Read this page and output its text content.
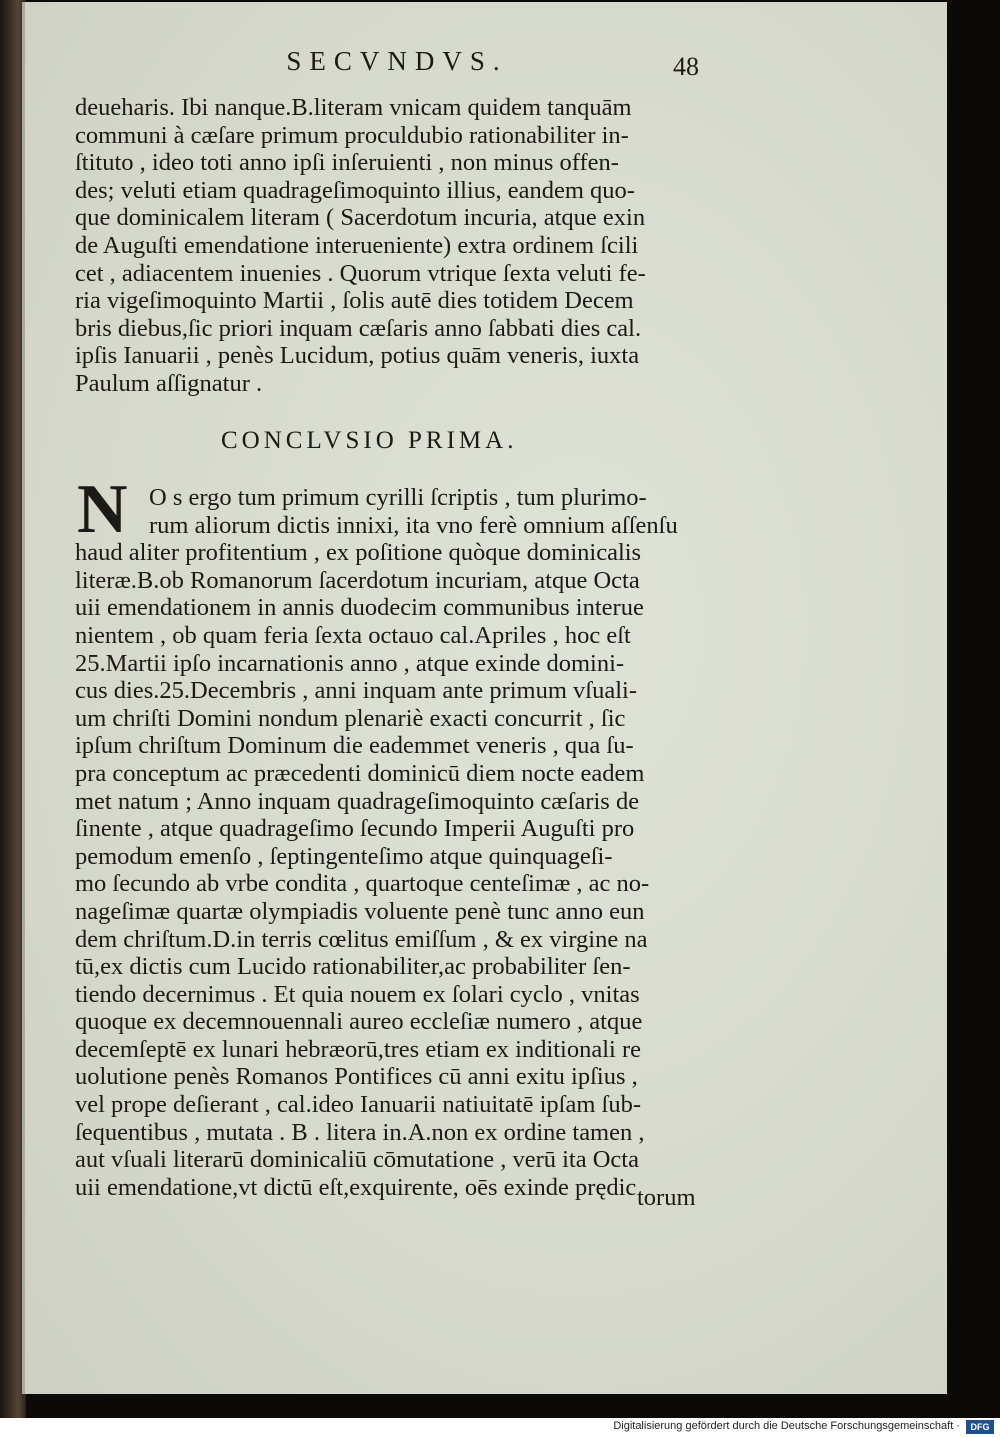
SECVNDVS.	48
deueharis. Ibi nanque.B.literam vnicam quidem tanquām
communi à cæſare primum proculdubio rationabiliter in-
ſtituto , ideo toti anno ipſi inſeruienti , non minus offen-
des; veluti etiam quadrageſimoquinto illius, eandem quo-
que dominicalem literam ( Sacerdotum incuria, atque exin
de Auguſti emendatione interueniente) extra ordinem ſcili
cet , adiacentem inuenies . Quorum vtrique ſexta veluti fe-
ria vigeſimoquinto Martii , ſolis autē dies totidem Decem
bris diebus,ſic priori inquam cæſaris anno ſabbati dies cal.
ipſis Ianuarii , penès Lucidum, potius quām veneris, iuxta
Paulum aſſignatur .
CONCLVSIO PRIMA.
N O s ergo tum primum cyrilli ſcriptis , tum plurimo-
rum aliorum dictis innixi, ita vno ferè omnium aſſenſu
haud aliter profitentium , ex poſitione quòque dominicalis
literæ.B.ob Romanorum ſacerdotum incuriam, atque Octa
uii emendationem in annis duodecim communibus interue
nientem , ob quam feria ſexta octauo cal.Apriles , hoc eſt
25.Martii ipſo incarnationis anno , atque exinde domini-
cus dies.25.Decembris , anni inquam ante primum vſuali-
um chriſti Domini nondum plenariè exacti concurrit , ſic
ipſum chriſtum Dominum die eademmet veneris , qua ſu-
pra conceptum ac præcedenti dominicū diem nocte eadem
met natum ; Anno inquam quadrageſimoquinto cæſaris de
ſinente , atque quadrageſimo ſecundo Imperii Auguſti pro
pemodum emenſo , ſeptingenteſimo atque quinquageſi-
mo ſecundo ab vrbe condita , quartoque centeſimæ , ac no-
nageſimæ quartæ olympiadis voluente penè tunc anno eun
dem chriſtum.D.in terris cœlitus emiſſum , & ex virgine na
tū,ex dictis cum Lucido rationabiliter,ac probabiliter ſen-
tiendo decernimus . Et quia nouem ex ſolari cyclo , vnitas
quoque ex decemnouennali aureo eccleſiæ numero , atque
decemſeptē ex lunari hebræorū,tres etiam ex inditionali re
uolutione penès Romanos Pontifices cū anni exitu ipſius ,
vel prope deſierant , cal.ideo Ianuarii natiuitatē ipſam ſub-
ſequentibus , mutata . B . litera in.A.non ex ordine tamen ,
aut vſuali literarū dominicaliū cōmutatione , verū ita Octa
uii emendatione,vt dictū eſt,exquirente, oēs exinde prędic torum
Digitalisierung gefördert durch die Deutsche Forschungsgemeinschaft ·	DFG
